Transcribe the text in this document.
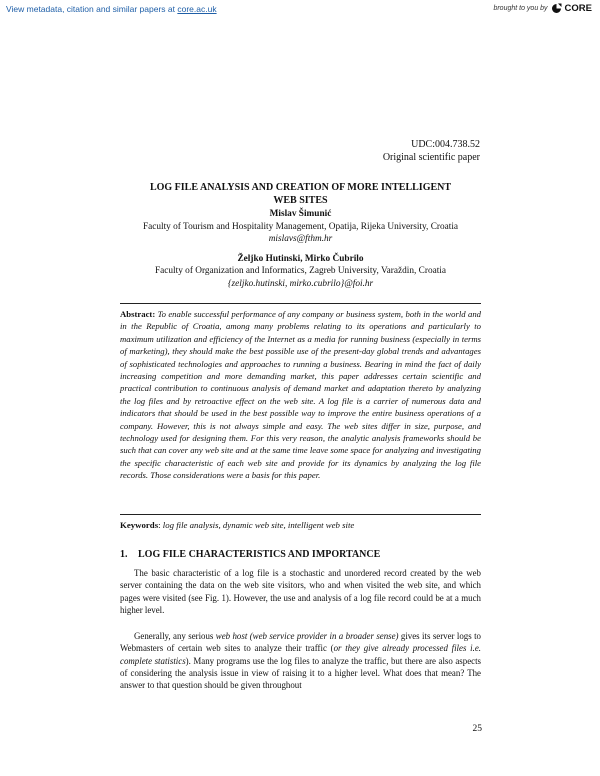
View metadata, citation and similar papers at core.ac.uk	brought to you by CORE
UDC:004.738.52
Original scientific paper
LOG FILE ANALYSIS AND CREATION OF MORE INTELLIGENT
WEB SITES
Mislav Šimunić
Faculty of Tourism and Hospitality Management, Opatija, Rijeka University, Croatia
mislavs@fthm.hr
Željko Hutinski, Mirko Čubrilo
Faculty of Organization and Informatics, Zagreb University, Varaždin, Croatia
{zeljko.hutinski, mirko.cubrilo}@foi.hr
Abstract: To enable successful performance of any company or business system, both in the world and in the Republic of Croatia, among many problems relating to its operations and particularly to maximum utilization and efficiency of the Internet as a media for running business (especially in terms of marketing), they should make the best possible use of the present-day global trends and advantages of sophisticated technologies and approaches to running a business. Bearing in mind the fact of daily increasing competition and more demanding market, this paper addresses certain scientific and practical contribution to continuous analysis of demand market and adaptation thereto by analyzing the log files and by retroactive effect on the web site. A log file is a carrier of numerous data and indicators that should be used in the best possible way to improve the entire business operations of a company. However, this is not always simple and easy. The web sites differ in size, purpose, and technology used for designing them. For this very reason, the analytic analysis frameworks should be such that can cover any web site and at the same time leave some space for analyzing and investigating the specific characteristic of each web site and provide for its dynamics by analyzing the log file records. Those considerations were a basis for this paper.
Keywords: log file analysis, dynamic web site, intelligent web site
1. LOG FILE CHARACTERISTICS AND IMPORTANCE
The basic characteristic of a log file is a stochastic and unordered record created by the web server containing the data on the web site visitors, who and when visited the web site, and which pages were visited (see Fig. 1). However, the use and analysis of a log file record could be at a much higher level.
Generally, any serious web host (web service provider in a broader sense) gives its server logs to Webmasters of certain web sites to analyze their traffic (or they give already processed files i.e. complete statistics). Many programs use the log files to analyze the traffic, but there are also aspects of considering the analysis issue in view of raising it to a higher level. What does that mean? The answer to that question should be given throughout
25
